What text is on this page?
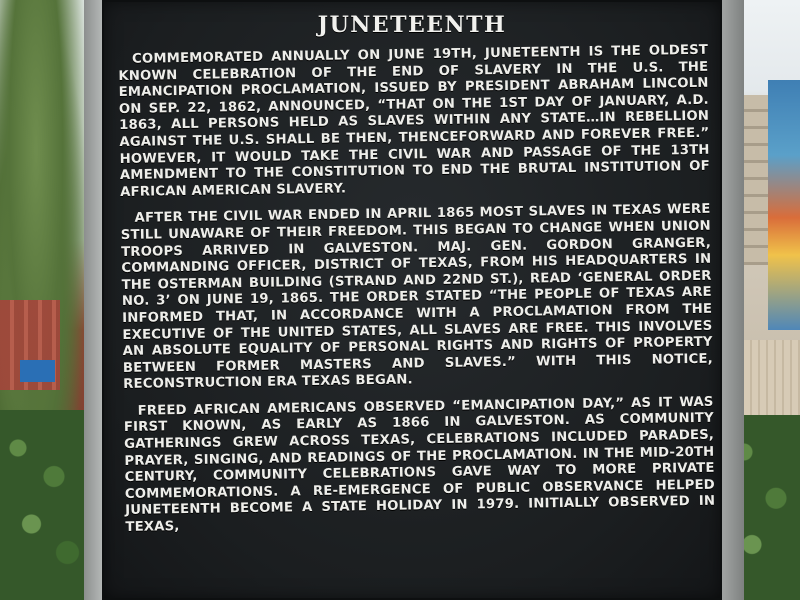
JUNETEENTH

COMMEMORATED ANNUALLY ON JUNE 19TH, JUNETEENTH IS THE OLDEST KNOWN CELEBRATION OF THE END OF SLAVERY IN THE U.S. THE EMANCIPATION PROCLAMATION, ISSUED BY PRESIDENT ABRAHAM LINCOLN ON SEP. 22, 1862, ANNOUNCED, “THAT ON THE 1ST DAY OF JANUARY, A.D. 1863, ALL PERSONS HELD AS SLAVES WITHIN ANY STATE…IN REBELLION AGAINST THE U.S. SHALL BE THEN, THENCEFORWARD AND FOREVER FREE.” HOWEVER, IT WOULD TAKE THE CIVIL WAR AND PASSAGE OF THE 13TH AMENDMENT TO THE CONSTITUTION TO END THE BRUTAL INSTITUTION OF AFRICAN AMERICAN SLAVERY.

AFTER THE CIVIL WAR ENDED IN APRIL 1865 MOST SLAVES IN TEXAS WERE STILL UNAWARE OF THEIR FREEDOM. THIS BEGAN TO CHANGE WHEN UNION TROOPS ARRIVED IN GALVESTON. MAJ. GEN. GORDON GRANGER, COMMANDING OFFICER, DISTRICT OF TEXAS, FROM HIS HEADQUARTERS IN THE OSTERMAN BUILDING (STRAND AND 22ND ST.), READ ‘GENERAL ORDER NO. 3’ ON JUNE 19, 1865. THE ORDER STATED “THE PEOPLE OF TEXAS ARE INFORMED THAT, IN ACCORDANCE WITH A PROCLAMATION FROM THE EXECUTIVE OF THE UNITED STATES, ALL SLAVES ARE FREE. THIS INVOLVES AN ABSOLUTE EQUALITY OF PERSONAL RIGHTS AND RIGHTS OF PROPERTY BETWEEN FORMER MASTERS AND SLAVES.” WITH THIS NOTICE, RECONSTRUCTION ERA TEXAS BEGAN.

FREED AFRICAN AMERICANS OBSERVED “EMANCIPATION DAY,” AS IT WAS FIRST KNOWN, AS EARLY AS 1866 IN GALVESTON. AS COMMUNITY GATHERINGS GREW ACROSS TEXAS, CELEBRATIONS INCLUDED PARADES, PRAYER, SINGING, AND READINGS OF THE PROCLAMATION. IN THE MID-20TH CENTURY, COMMUNITY CELEBRATIONS GAVE WAY TO MORE PRIVATE COMMEMORATIONS. A RE-EMERGENCE OF PUBLIC OBSERVANCE HELPED JUNETEENTH BECOME A STATE HOLIDAY IN 1979. INITIALLY OBSERVED IN TEXAS,
